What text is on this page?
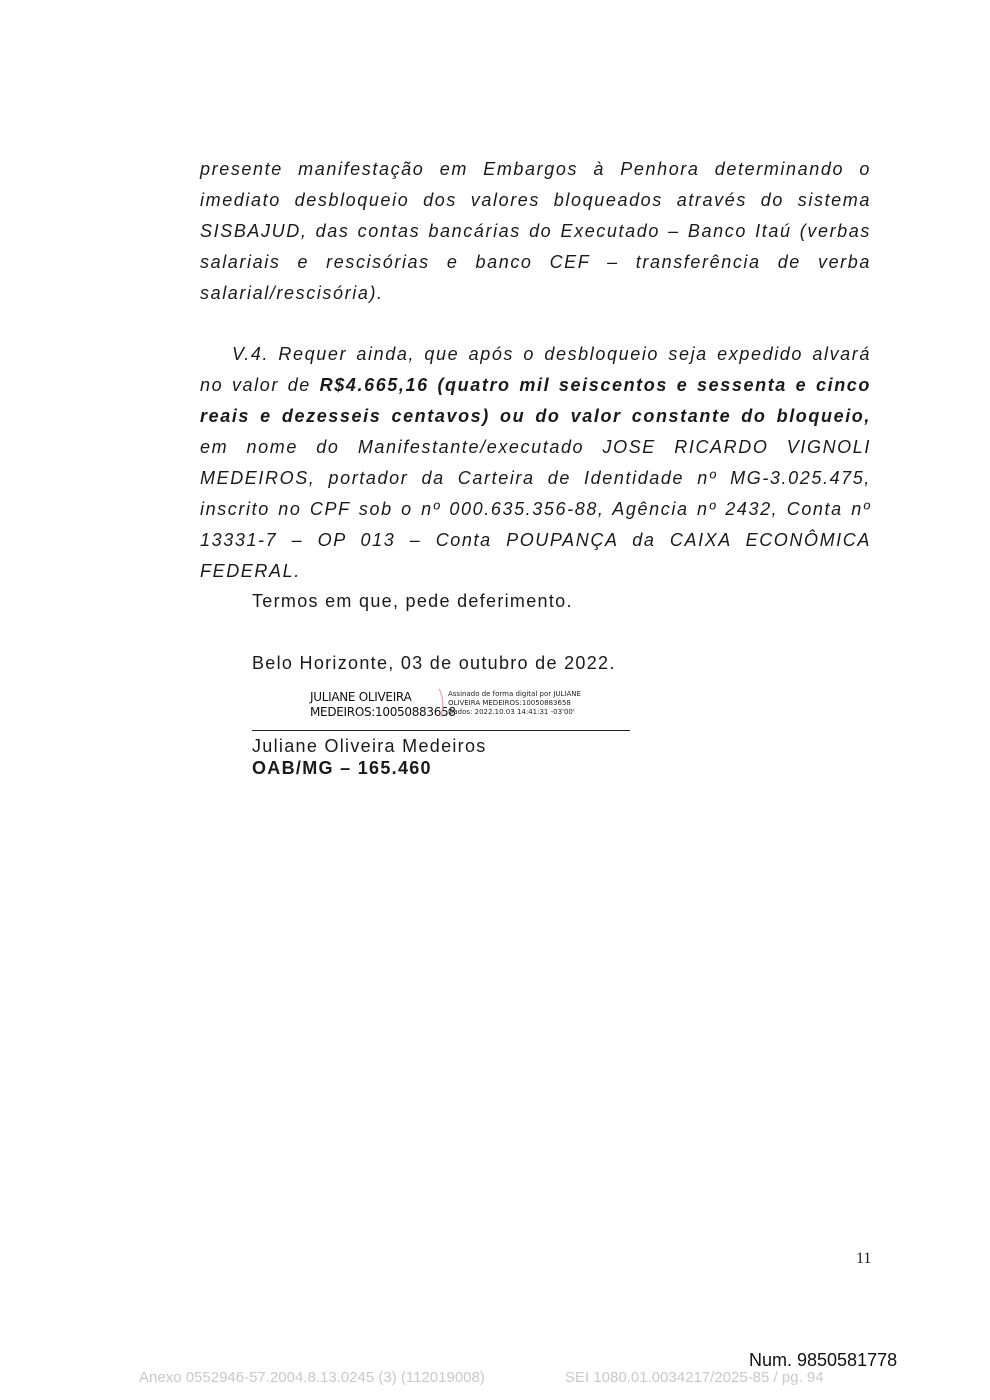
presente manifestação em Embargos à Penhora determinando o imediato desbloqueio dos valores bloqueados através do sistema SISBAJUD, das contas bancárias do Executado – Banco Itaú (verbas salariais e rescisórias e banco CEF – transferência de verba salarial/rescisória).

V.4. Requer ainda, que após o desbloqueio seja expedido alvará no valor de R$4.665,16 (quatro mil seiscentos e sessenta e cinco reais e dezesseis centavos) ou do valor constante do bloqueio, em nome do Manifestante/executado JOSE RICARDO VIGNOLI MEDEIROS, portador da Carteira de Identidade nº MG-3.025.475, inscrito no CPF sob o nº 000.635.356-88, Agência nº 2432, Conta nº 13331-7 – OP 013 – Conta POUPANÇA da CAIXA ECONÔMICA FEDERAL.

Termos em que, pede deferimento.

Belo Horizonte, 03 de outubro de 2022.

JULIANE OLIVEIRA
MEDEIROS:10050883658
Assinado de forma digital por JULIANE
OLIVEIRA MEDEIROS:10050883658
Dados: 2022.10.03 14:41:31 -03'00'

Juliane Oliveira Medeiros

OAB/MG – 165.460

11
Num. 9850581778
Anexo 0552946-57.2004.8.13.0245 (3) (112019008)	SEI 1080.01.0034217/2025-85 / pg. 94
